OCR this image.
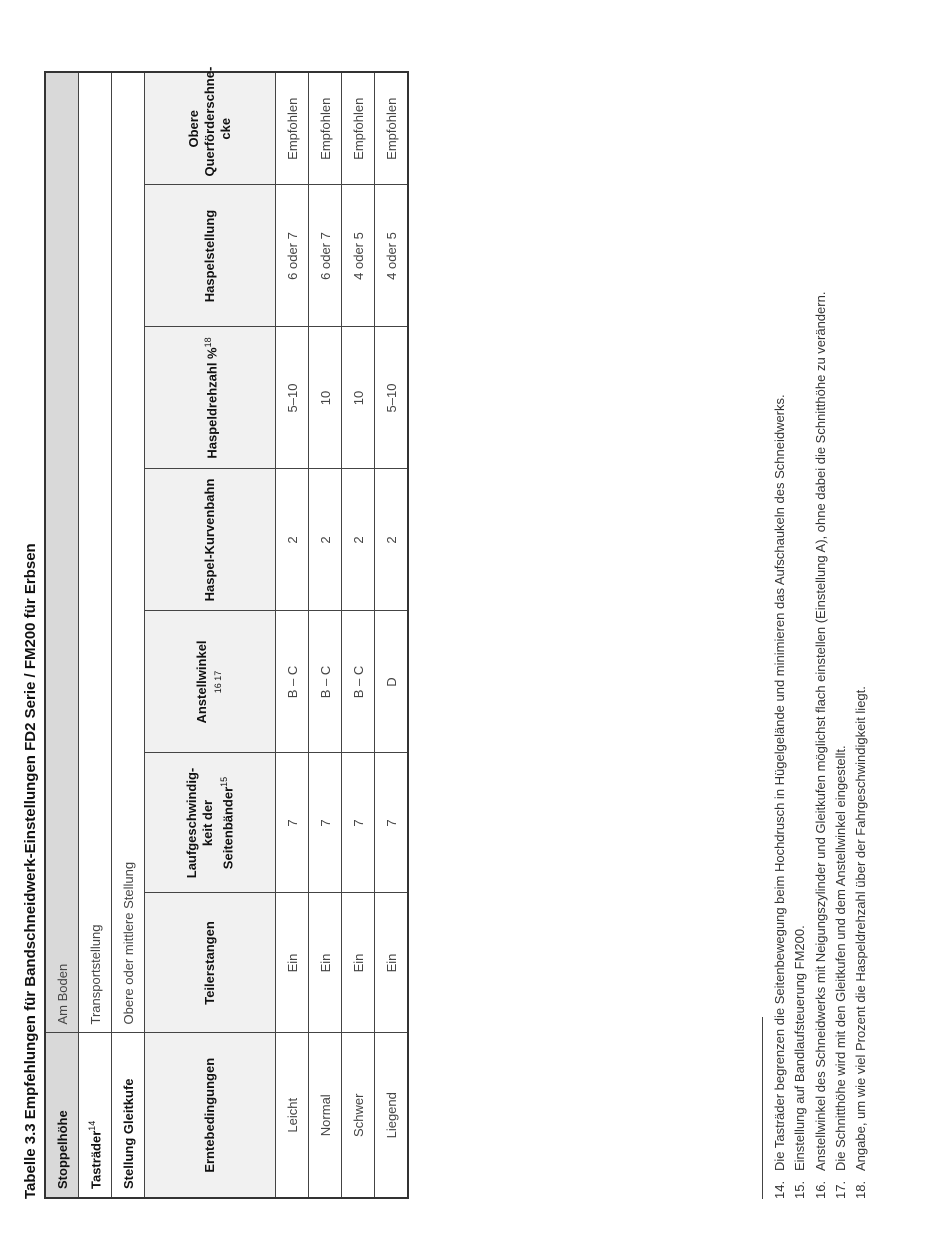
Tabelle 3.3 Empfehlungen für Bandschneidwerk-Einstellungen FD2 Serie / FM200 für Erbsen Stoppelhöhe	Am Boden						
Tasträder$^{14}$	Transportstellung						
Stellung Gleitkufe	Obere oder mittlere Stellung						
Erntebedingungen	Teilerstangen	Laufgeschwindig-keit der Seitenbänder$^{15}$	Anstellwinkel 16 17	Haspel-Kurvenbahn	Haspeldrehzahl %$^{18}$	Haspelstellung	Obere Querförderschne-cke
Leicht	Ein	7	B – C	2	5–10	6 oder 7	Empfohlen
Normal	Ein	7	B – C	2	10	6 oder 7	Empfohlen
Schwer	Ein	7	B – C	2	10	4 oder 5	Empfohlen
Liegend	Ein	7	D	2	5–10	4 oder 5	Empfohlen
14.Die Tasträder begrenzen die Seitenbewegung beim Hochdrusch in Hügelgelände und minimieren das Aufschaukeln des Schneidwerks.
15.Einstellung auf Bandlaufsteuerung FM200.
16.Anstellwinkel des Schneidwerks mit Neigungszylinder und Gleitkufen möglichst flach einstellen (Einstellung A), ohne dabei die Schnitthöhe zu verändern.
17.Die Schnitthöhe wird mit den Gleitkufen und dem Anstellwinkel eingestellt.
18.Angabe, um wie viel Prozent die Haspeldrehzahl über der Fahrgeschwindigkeit liegt.
